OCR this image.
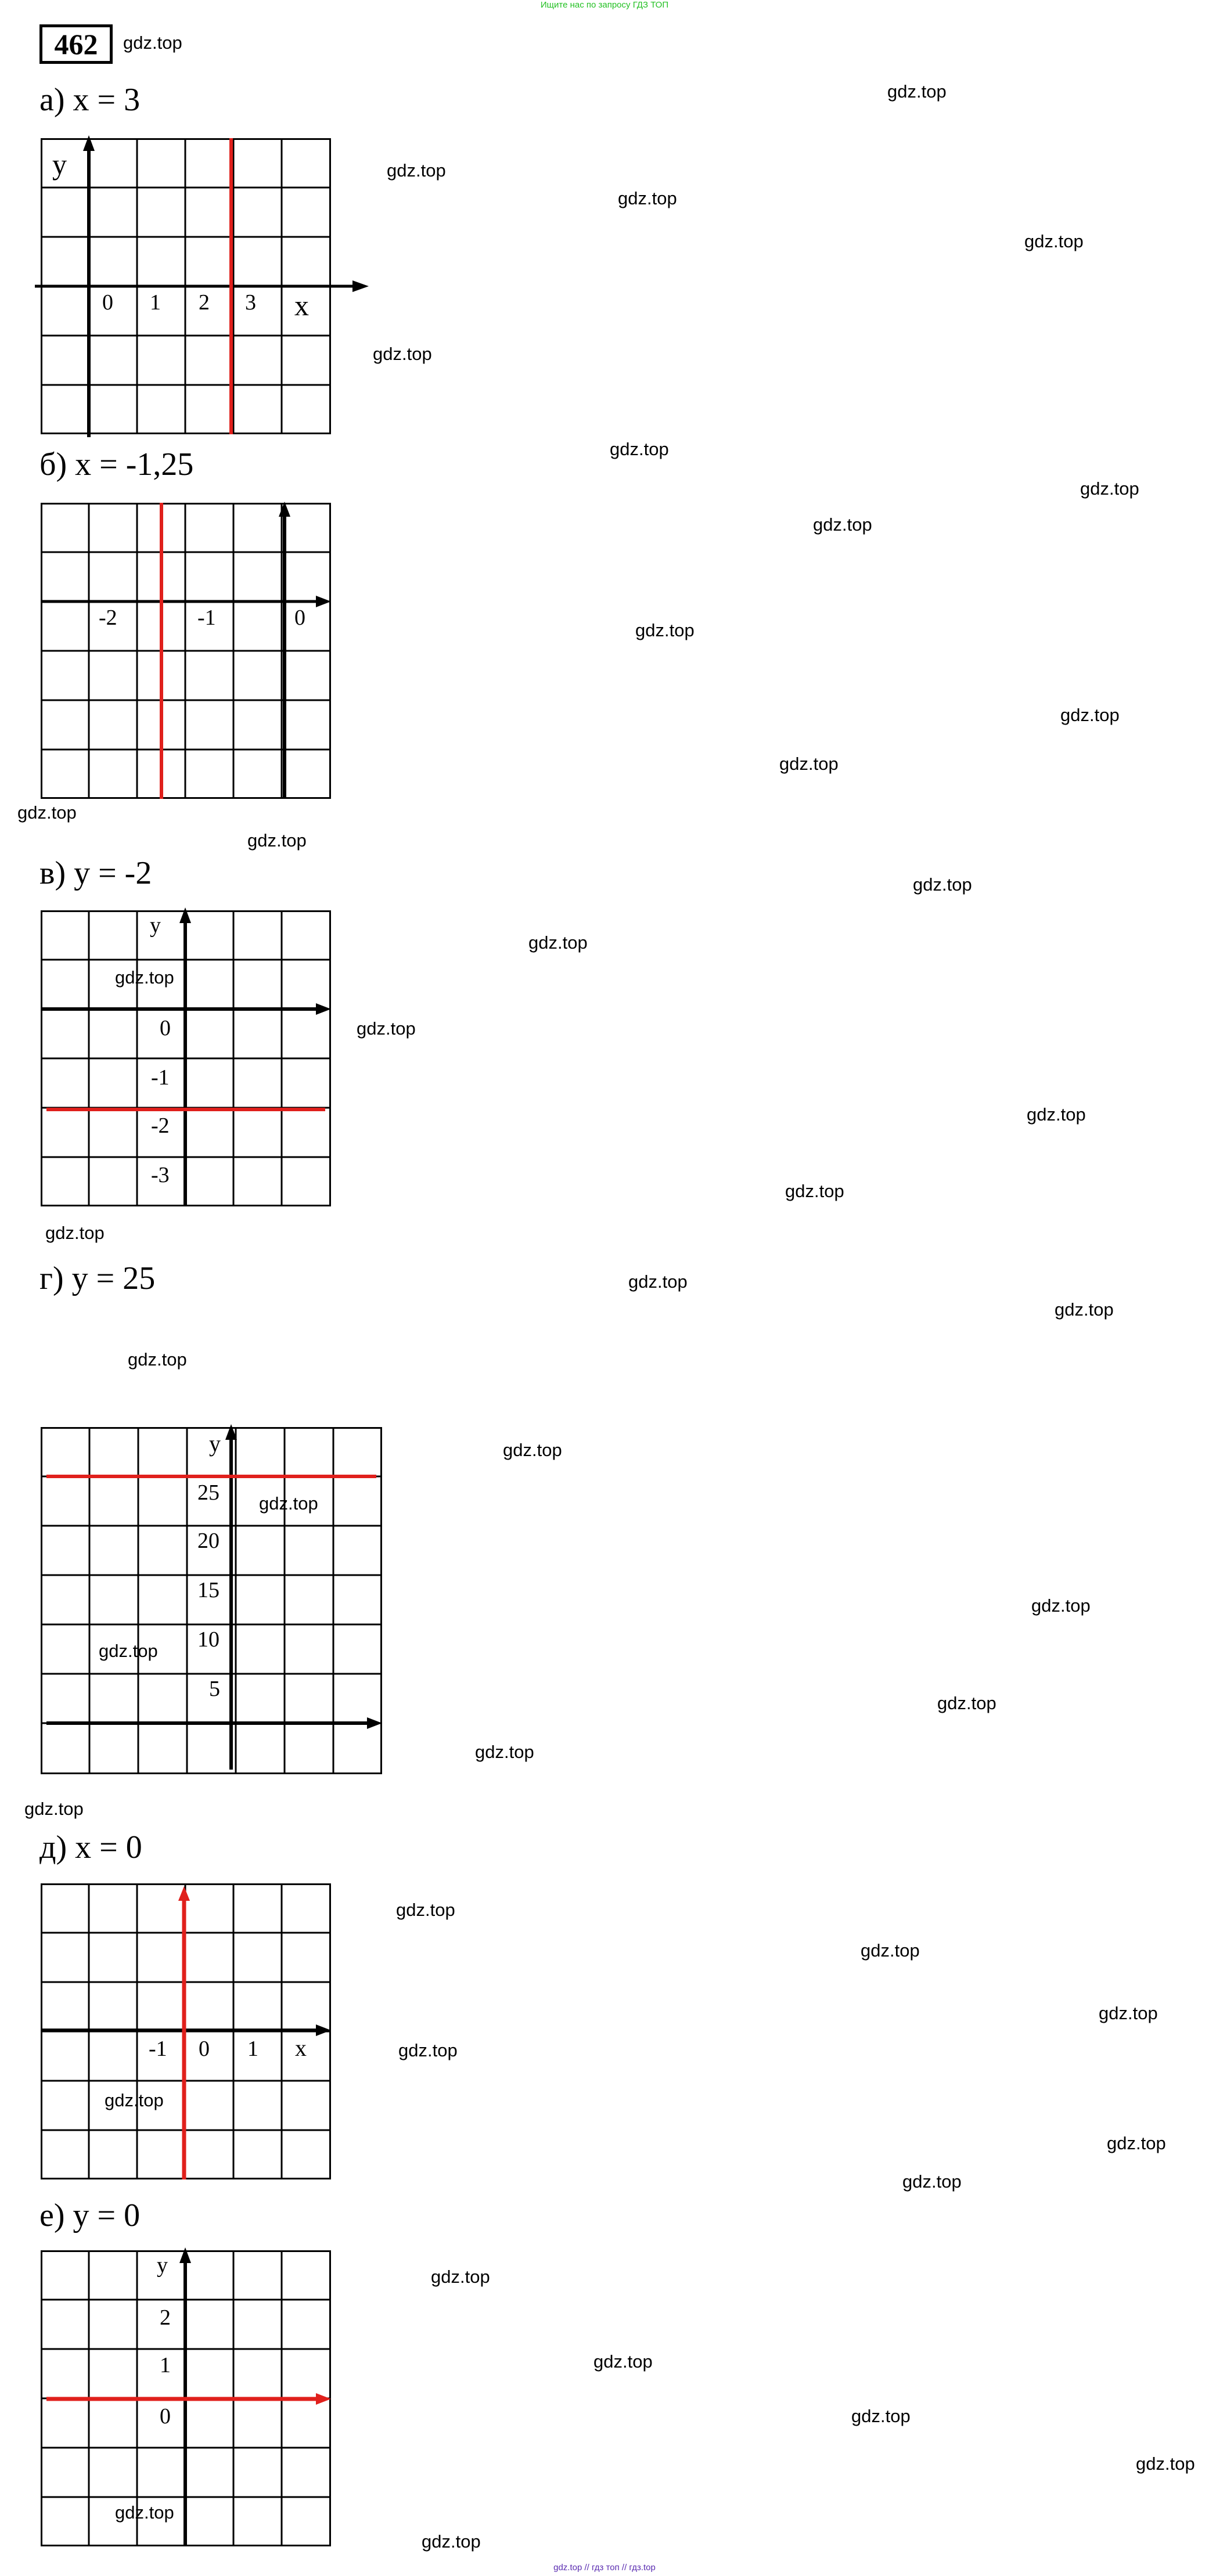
Ищите нас по запросу ГДЗ ТОП
462	gdz.top
а) x = 3
y
x
0 1 2 3
б) x = -1,25
-2	-1	0
в) y = -2
y
0
-1
-2
-3
г) y = 25
y
25
20
15
10
5
д) x = 0
-1 0 1 x
е) y = 0
y
2
1
0
gdz.top
gdz.top
gdz.top
gdz.top
gdz.top
gdz.top
gdz.top
gdz.top
gdz.top
gdz.top
gdz.top
gdz.top
gdz.top
gdz.top
gdz.top
gdz.top
gdz.top
gdz.top
gdz.top
gdz.top
gdz.top
gdz.top
gdz.top
gdz.top
gdz.top
gdz.top
gdz.top
gdz.top
gdz.top
gdz.top
gdz.top
gdz.top
gdz.top
gdz.top
gdz.top
gdz.top
gdz.top
gdz.top
gdz.top
gdz.top
gdz.top
gdz.top
gdz.top
gdz.top // гдз топ // гдз.top
